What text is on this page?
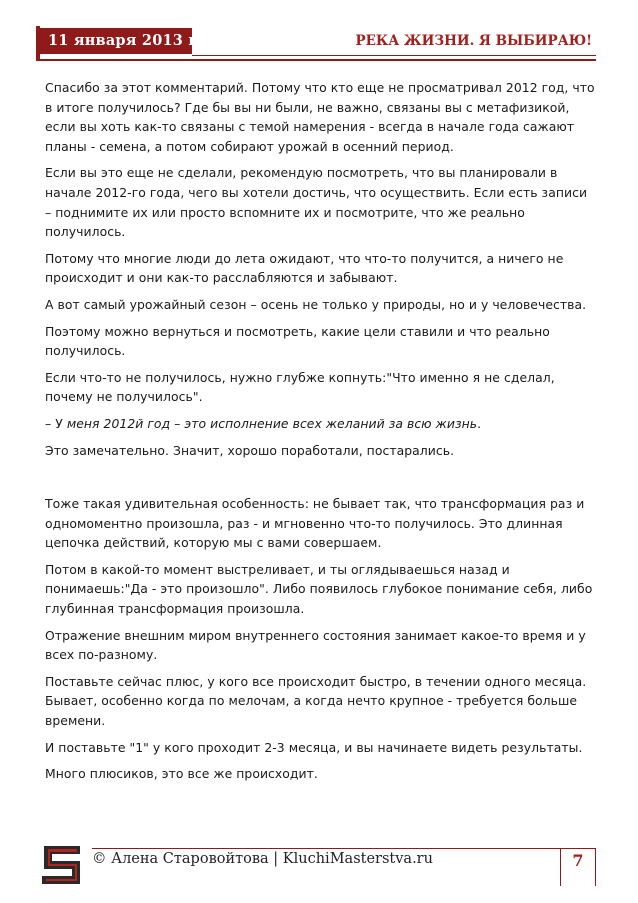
11 января 2013 г.	РЕКА ЖИЗНИ. Я ВЫБИРАЮ!

Спасибо за этот комментарий. Потому что кто еще не просматривал 2012 год, что в итоге получилось? Где бы вы ни были, не важно, связаны вы с метафизикой, если вы хоть как-то связаны с темой намерения - всегда в начале года сажают планы - семена, а потом собирают урожай в осенний период.

Если вы это еще не сделали, рекомендую посмотреть, что вы планировали в начале 2012-го года, чего вы хотели достичь, что осуществить. Если есть записи – поднимите их или просто вспомните их и посмотрите, что же реально получилось.

Потому что многие люди до лета ожидают, что что-то получится, а ничего не происходит и они как-то расслабляются и забывают.

А вот самый урожайный сезон – осень не только у природы, но и у человечества.

Поэтому можно вернуться и посмотреть, какие цели ставили и что реально получилось.

Если что-то не получилось, нужно глубже копнуть:"Что именно я не сделал, почему не получилось".

– У меня 2012й год – это исполнение всех желаний за всю жизнь.

Это замечательно. Значит, хорошо поработали, постарались.

Тоже такая удивительная особенность: не бывает так, что трансформация раз и одномоментно произошла, раз - и мгновенно что-то получилось. Это длинная цепочка действий, которую мы с вами совершаем.

Потом в какой-то момент выстреливает, и ты оглядываешься назад и понимаешь:"Да - это произошло". Либо появилось глубокое понимание себя, либо глубинная трансформация произошла.

Отражение внешним миром внутреннего состояния занимает какое-то время и у всех по-разному.

Поставьте сейчас плюс, у кого все происходит быстро, в течении одного месяца. Бывает, особенно когда по мелочам, а когда нечто крупное - требуется больше времени.

И поставьте "1" у кого проходит 2-3 месяца, и вы начинаете видеть результаты.

Много плюсиков, это все же происходит.

© Алена Старовойтова | KluchiMasterstva.ru	7
